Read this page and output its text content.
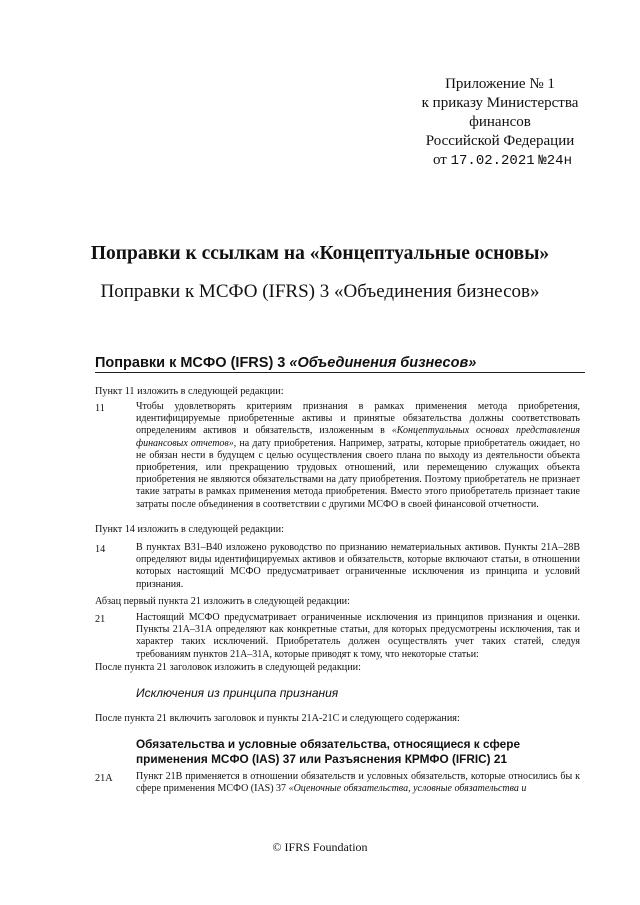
Приложение № 1
к приказу Министерства
финансов
Российской Федерации
от 17.02.2021 №24н
Поправки к ссылкам на «Концептуальные основы»
Поправки к МСФО (IFRS) 3 «Объединения бизнесов»
Поправки к МСФО (IFRS) 3 «Объединения бизнесов»
Пункт 11 изложить в следующей редакции:
11	Чтобы удовлетворять критериям признания в рамках применения метода приобретения, идентифицируемые приобретенные активы и принятые обязательства должны соответствовать определениям активов и обязательств, изложенным в «Концептуальных основах представления финансовых отчетов», на дату приобретения. Например, затраты, которые приобретатель ожидает, но не обязан нести в будущем с целью осуществления своего плана по выходу из деятельности объекта приобретения, или прекращению трудовых отношений, или перемещению служащих объекта приобретения не являются обязательствами на дату приобретения. Поэтому приобретатель не признает такие затраты в рамках применения метода приобретения. Вместо этого приобретатель признает такие затраты после объединения в соответствии с другими МСФО в своей финансовой отчетности.
Пункт 14 изложить в следующей редакции:
14	В пунктах В31–В40 изложено руководство по признанию нематериальных активов. Пункты 21А–28В определяют виды идентифицируемых активов и обязательств, которые включают статьи, в отношении которых настоящий МСФО предусматривает ограниченные исключения из принципа и условий признания.
Абзац первый пункта 21 изложить в следующей редакции:
21	Настоящий МСФО предусматривает ограниченные исключения из принципов признания и оценки. Пункты 21А–31А определяют как конкретные статьи, для которых предусмотрены исключения, так и характер таких исключений. Приобретатель должен осуществлять учет таких статей, следуя требованиям пунктов 21А–31А, которые приводят к тому, что некоторые статьи:
После пункта 21 заголовок изложить в следующей редакции:
Исключения из принципа признания
После пункта 21 включить заголовок и пункты 21А-21С и следующего содержания:
Обязательства и условные обязательства, относящиеся к сфере применения МСФО (IAS) 37 или Разъяснения КРМФО (IFRIC) 21
21А Пункт 21В применяется в отношении обязательств и условных обязательств, которые относились бы к сфере применения МСФО (IAS) 37 «Оценочные обязательства, условные обязательства и
© IFRS Foundation
